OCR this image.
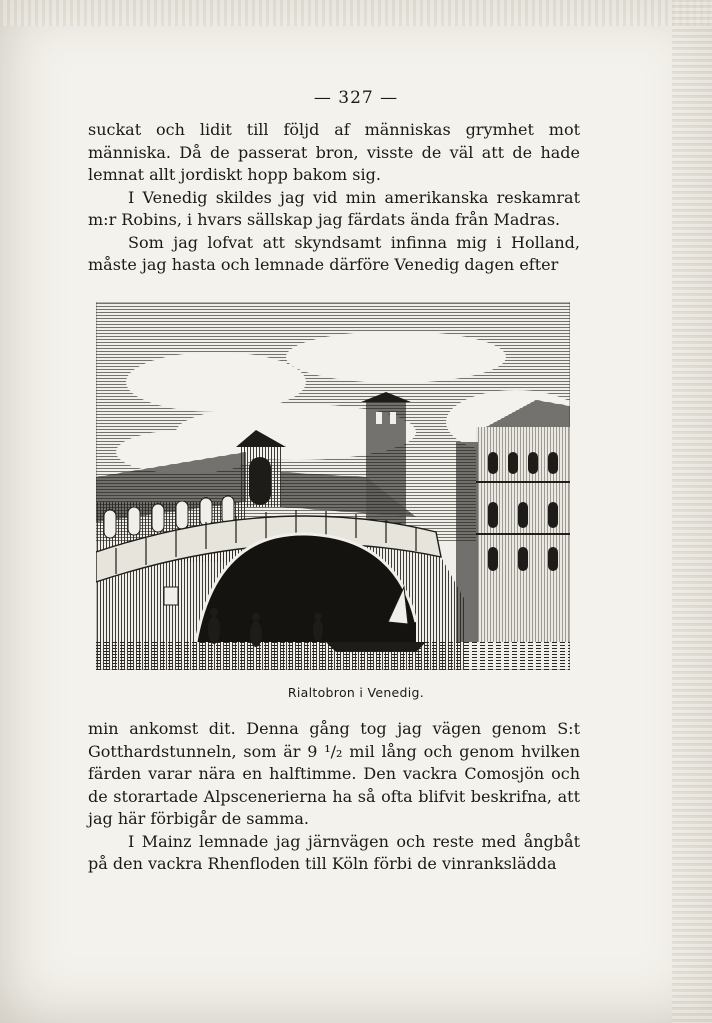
— 327 —

suckat och lidit till följd af människas grymhet mot människa. Då de passerat bron, visste de väl att de hade lemnat allt jordiskt hopp bakom sig.

I Venedig skildes jag vid min amerikanska reskamrat m:r Robins, i hvars sällskap jag färdats ända från Madras.

Som jag lofvat att skyndsamt infinna mig i Holland, måste jag hasta och lemnade därföre Venedig dagen efter

Rialtobron i Venedig.

min ankomst dit. Denna gång tog jag vägen genom S:t Gotthardstunneln, som är 9 ¹/₂ mil lång och genom hvilken färden varar nära en halftimme. Den vackra Comosjön och de storartade Alpscenerierna ha så ofta blifvit beskrifna, att jag här förbigår de samma.

I Mainz lemnade jag järnvägen och reste med ångbåt på den vackra Rhenfloden till Köln förbi de vinrankslädda
